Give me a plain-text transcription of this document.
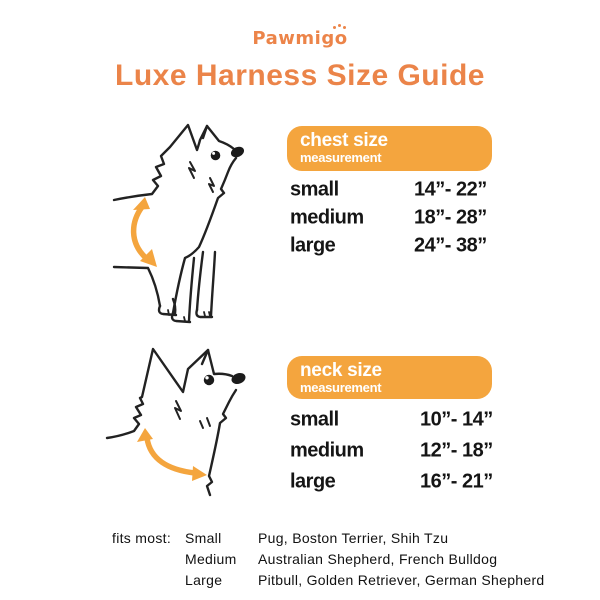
Pawmigo
Luxe Harness Size Guide
chest size
measurement
small	14”- 22”
medium	18”- 28”
large	24”- 38”
neck size
measurement
small	10”- 14”
medium	12”- 18”
large	16”- 21”
fits most: Small	Pug, Boston Terrier, Shih Tzu
Medium	Australian Shepherd, French Bulldog
Large	Pitbull, Golden Retriever, German Shepherd
